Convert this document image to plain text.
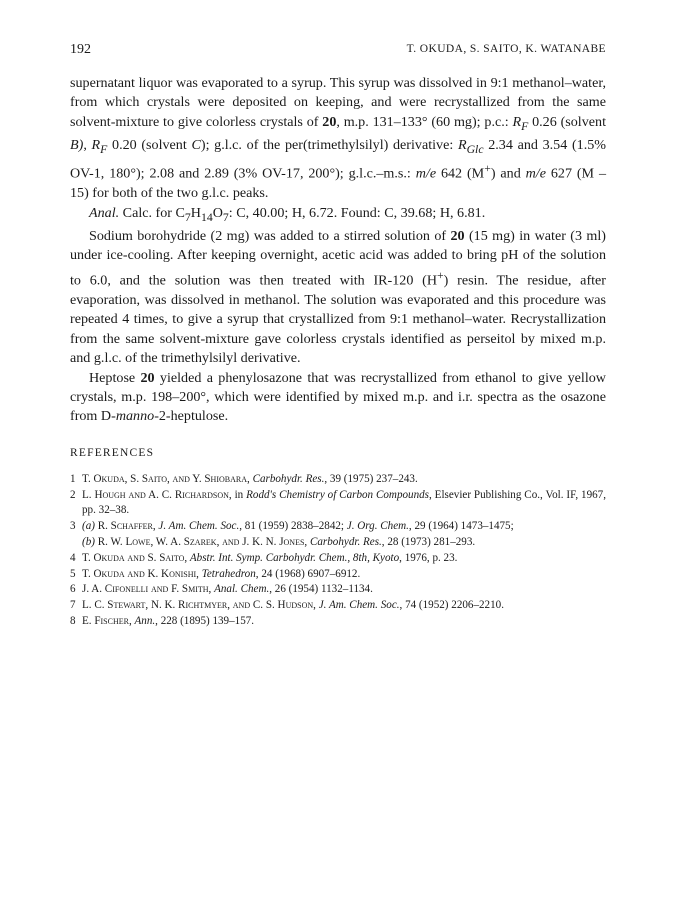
192	T. OKUDA, S. SAITO, K. WATANABE

supernatant liquor was evaporated to a syrup. This syrup was dissolved in 9:1 methanol–water, from which crystals were deposited on keeping, and were recrystallized from the same solvent-mixture to give colorless crystals of 20, m.p. 131–133° (60 mg); p.c.: $R_F$ 0.26 (solvent B), $R_F$ 0.20 (solvent C); g.l.c. of the per(trimethylsilyl) derivative: $R_{Glc}$ 2.34 and 3.54 (1.5% OV-1, 180°); 2.08 and 2.89 (3% OV-17, 200°); g.l.c.–m.s.: m/e 642 (M+) and m/e 627 (M – 15) for both of the two g.l.c. peaks.

Anal. Calc. for $C_7H_{14}O_7$: C, 40.00; H, 6.72. Found: C, 39.68; H, 6.81.

Sodium borohydride (2 mg) was added to a stirred solution of 20 (15 mg) in water (3 ml) under ice-cooling. After keeping overnight, acetic acid was added to bring pH of the solution to 6.0, and the solution was then treated with IR-120 (H+) resin. The residue, after evaporation, was dissolved in methanol. The solution was evaporated and this procedure was repeated 4 times, to give a syrup that crystallized from 9:1 methanol–water. Recrystallization from the same solvent-mixture gave colorless crystals identified as perseitol by mixed m.p. and g.l.c. of the trimethylsilyl derivative.

Heptose 20 yielded a phenylosazone that was recrystallized from ethanol to give yellow crystals, m.p. 198–200°, which were identified by mixed m.p. and i.r. spectra as the osazone from D-manno-2-heptulose.

REFERENCES
1 T. Okuda, S. Saito, and Y. Shiobara, Carbohydr. Res., 39 (1975) 237–243.
2 L. Hough and A. C. Richardson, in Rodd's Chemistry of Carbon Compounds, Elsevier Publishing Co., Vol. IF, 1967, pp. 32–38.
3 (a) R. Schaffer, J. Am. Chem. Soc., 81 (1959) 2838–2842; J. Org. Chem., 29 (1964) 1473–1475;
(b) R. W. Lowe, W. A. Szarek, and J. K. N. Jones, Carbohydr. Res., 28 (1973) 281–293.
4 T. Okuda and S. Saito, Abstr. Int. Symp. Carbohydr. Chem., 8th, Kyoto, 1976, p. 23.
5 T. Okuda and K. Konishi, Tetrahedron, 24 (1968) 6907–6912.
6 J. A. Cifonelli and F. Smith, Anal. Chem., 26 (1954) 1132–1134.
7 L. C. Stewart, N. K. Richtmyer, and C. S. Hudson, J. Am. Chem. Soc., 74 (1952) 2206–2210.
8 E. Fischer, Ann., 228 (1895) 139–157.
